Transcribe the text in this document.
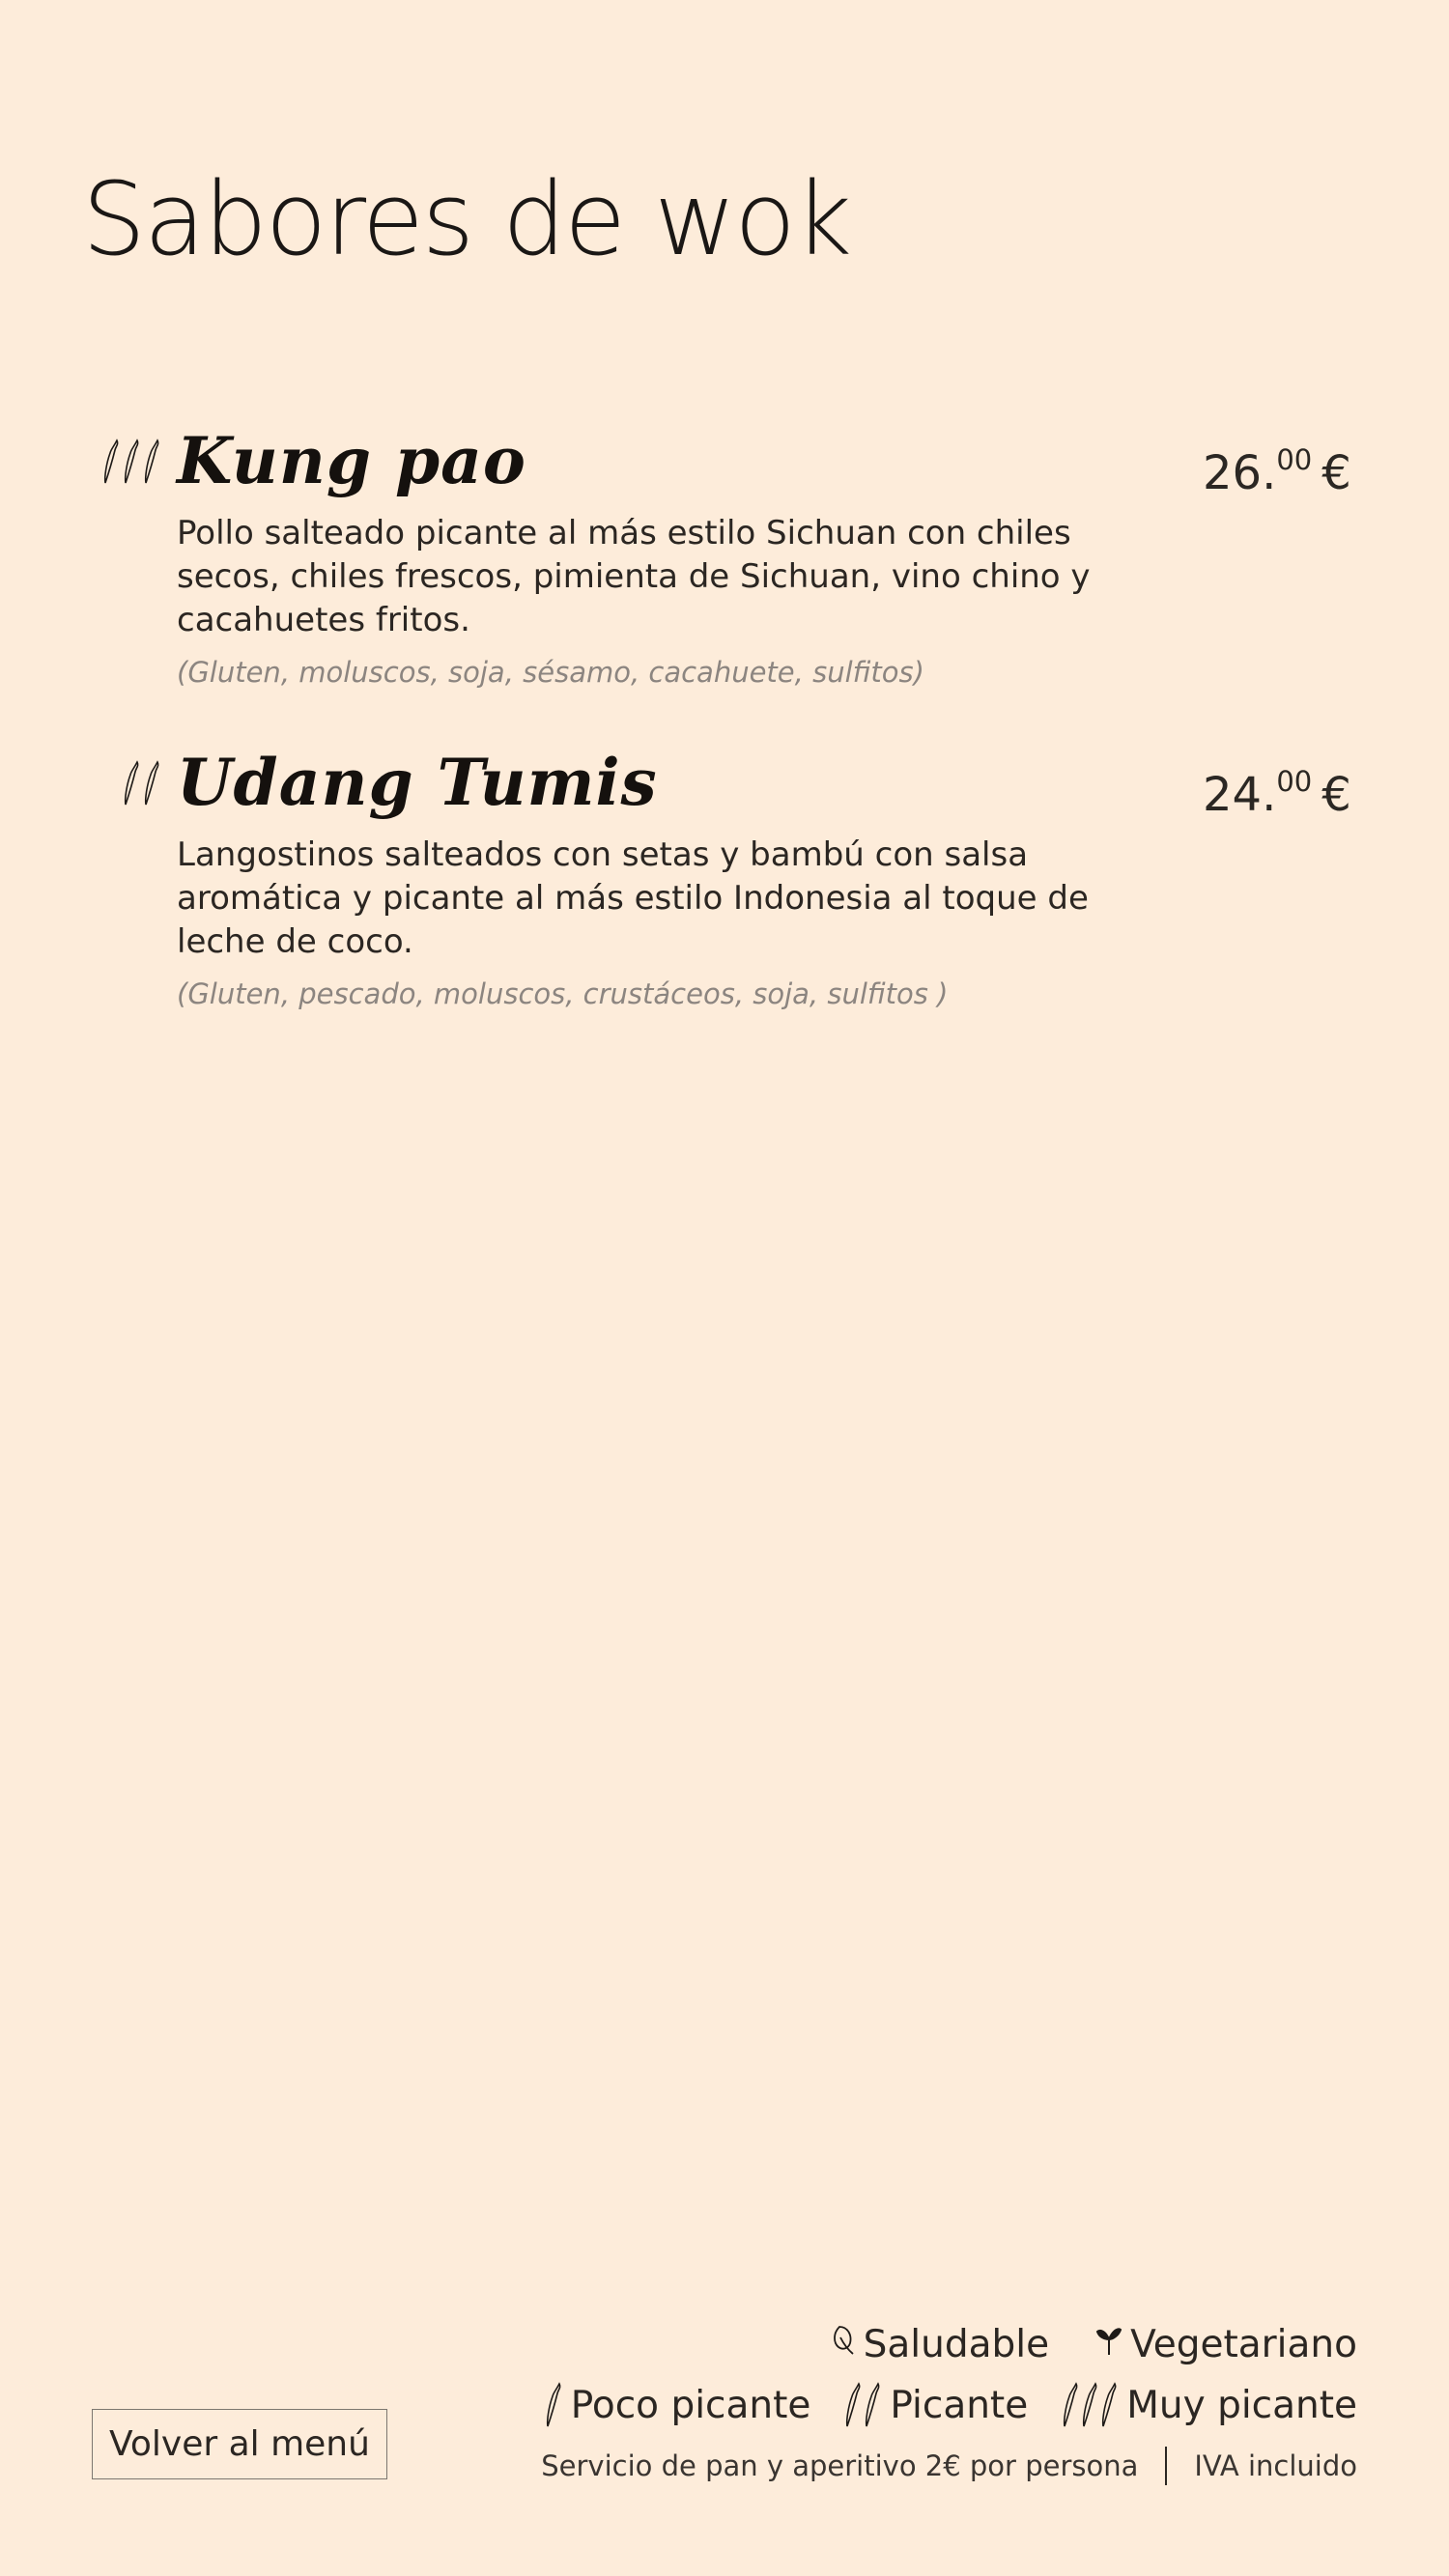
Sabores de wok
Kung pao	26.00 €

Pollo salteado picante al más estilo Sichuan con chiles secos, chiles frescos, pimienta de Sichuan, vino chino y cacahuetes fritos.

(Gluten, moluscos, soja, sésamo, cacahuete, sulfitos)
Udang Tumis	24.00 €

Langostinos salteados con setas y bambú con salsa aromática y picante al más estilo Indonesia al toque de leche de coco.

(Gluten, pescado, moluscos, crustáceos, soja, sulfitos )
Volver al menú
Saludable Vegetariano
Poco picante Picante	Muy picante
Servicio de pan y aperitivo 2€ por persona IVA incluido
